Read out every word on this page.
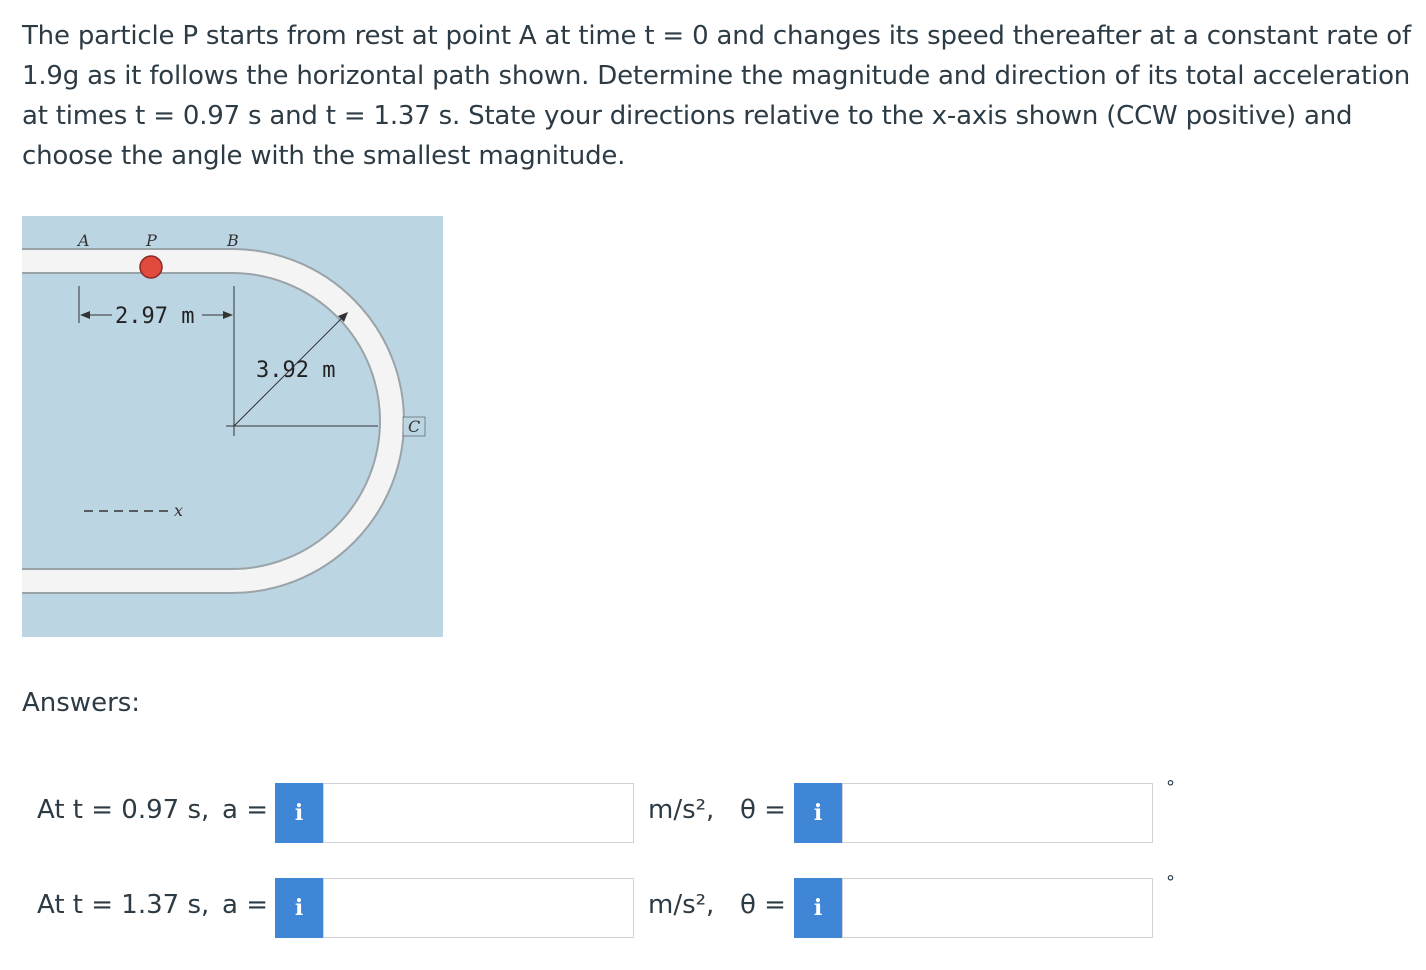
The particle P starts from rest at point A at time t = 0 and changes its speed thereafter at a constant rate of 1.9g as it follows the horizontal path shown. Determine the magnitude and direction of its total acceleration at times t = 0.97 s and t = 1.37 s. State your directions relative to the x-axis shown (CCW positive) and choose the angle with the smallest magnitude.
A	P	B
2.97 m
3.92 m
C
x
Answers:
At t = 0.97 s, a =	i	m/s², θ =	i
°
At t = 1.37 s, a =	i	m/s², θ =	i
°
